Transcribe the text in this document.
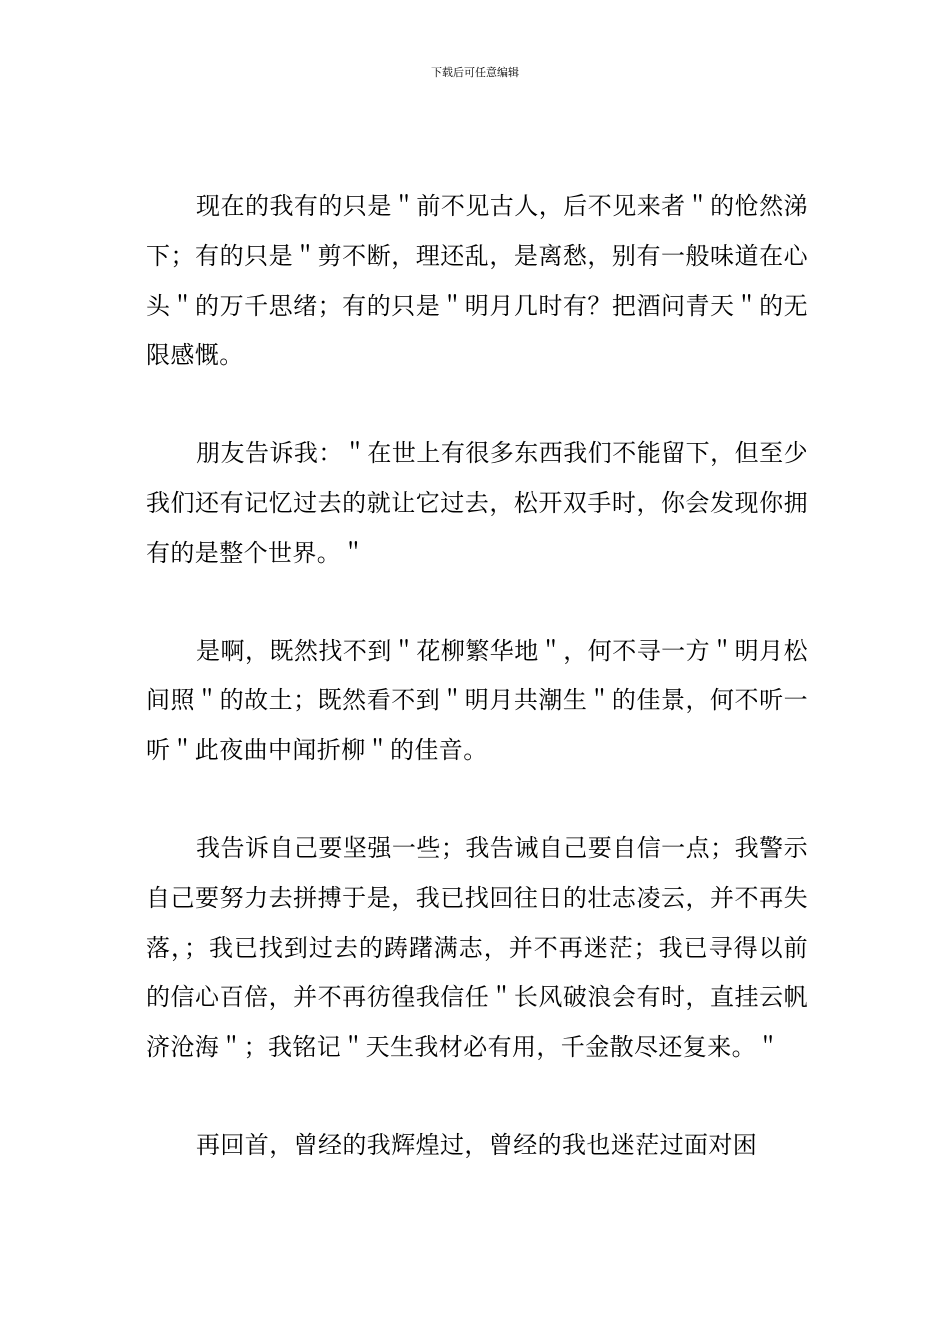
下载后可任意编辑

现在的我有的只是＂前不见古人，后不见来者＂的怆然涕下；有的只是＂剪不断，理还乱，是离愁，别有一般味道在心头＂的万千思绪；有的只是＂明月几时有？把酒问青天＂的无限感慨。

朋友告诉我：＂在世上有很多东西我们不能留下，但至少我们还有记忆过去的就让它过去，松开双手时，你会发现你拥有的是整个世界。＂

是啊，既然找不到＂花柳繁华地＂，何不寻一方＂明月松间照＂的故土；既然看不到＂明月共潮生＂的佳景，何不听一听＂此夜曲中闻折柳＂的佳音。

我告诉自己要坚强一些；我告诫自己要自信一点；我警示自己要努力去拼搏于是，我已找回往日的壮志凌云，并不再失落，；我已找到过去的踌躇满志，并不再迷茫；我已寻得以前的信心百倍，并不再彷徨我信任＂长风破浪会有时，直挂云帆济沧海＂；我铭记＂天生我材必有用，千金散尽还复来。＂

再回首，曾经的我辉煌过，曾经的我也迷茫过面对困
